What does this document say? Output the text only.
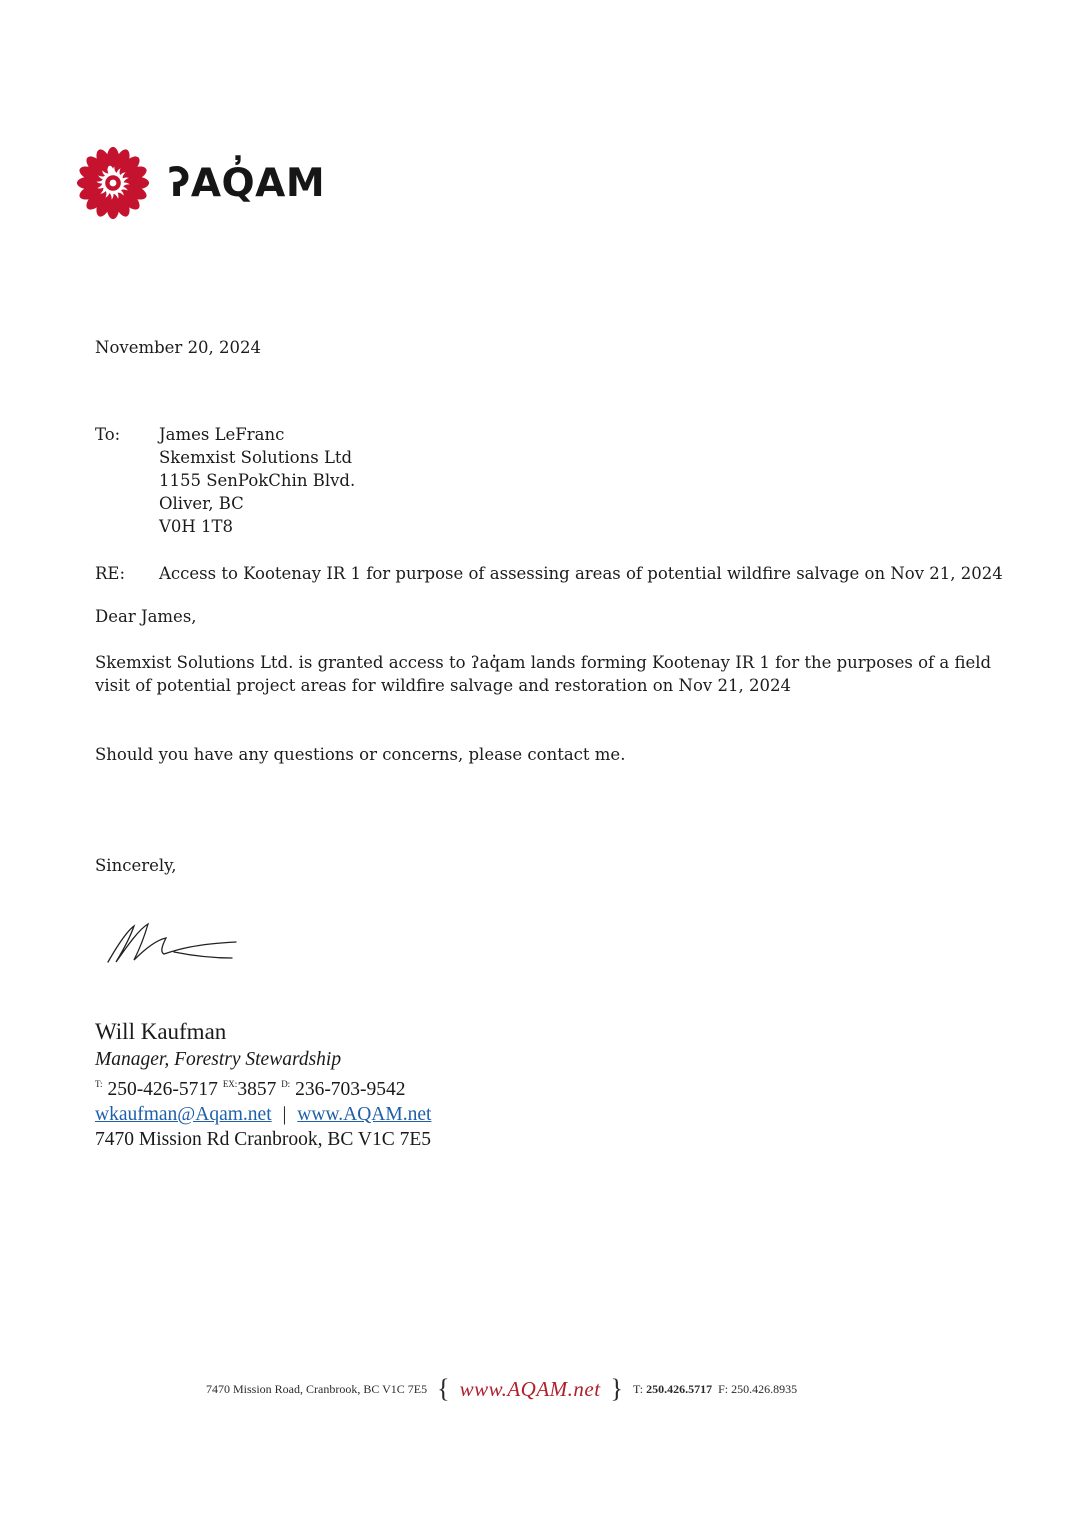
ʔAQ̓AM
November 20, 2024
To: James LeFranc
Skemxist Solutions Ltd
1155 SenPokChin Blvd.
Oliver, BC
V0H 1T8
RE: Access to Kootenay IR 1 for purpose of assessing areas of potential wildfire salvage on Nov 21, 2024
Dear James,
Skemxist Solutions Ltd. is granted access to ʔaq̓am lands forming Kootenay IR 1 for the purposes of a field
visit of potential project areas for wildfire salvage and restoration on Nov 21, 2024
Should you have any questions or concerns, please contact me.
Sincerely,
Will Kaufman
Manager, Forestry Stewardship
$^{T:}$ 250-426-5717 $^{EX:}$3857 $^{D:}$ 236-703-9542
wkaufman@Aqam.net | www.AQAM.net
7470 Mission Rd Cranbrook, BC V1C 7E5
7470 Mission Road, Cranbrook, BC V1C 7E5 { www.AQAM.net } T:
250.426.5717
F:
250.426.8935
